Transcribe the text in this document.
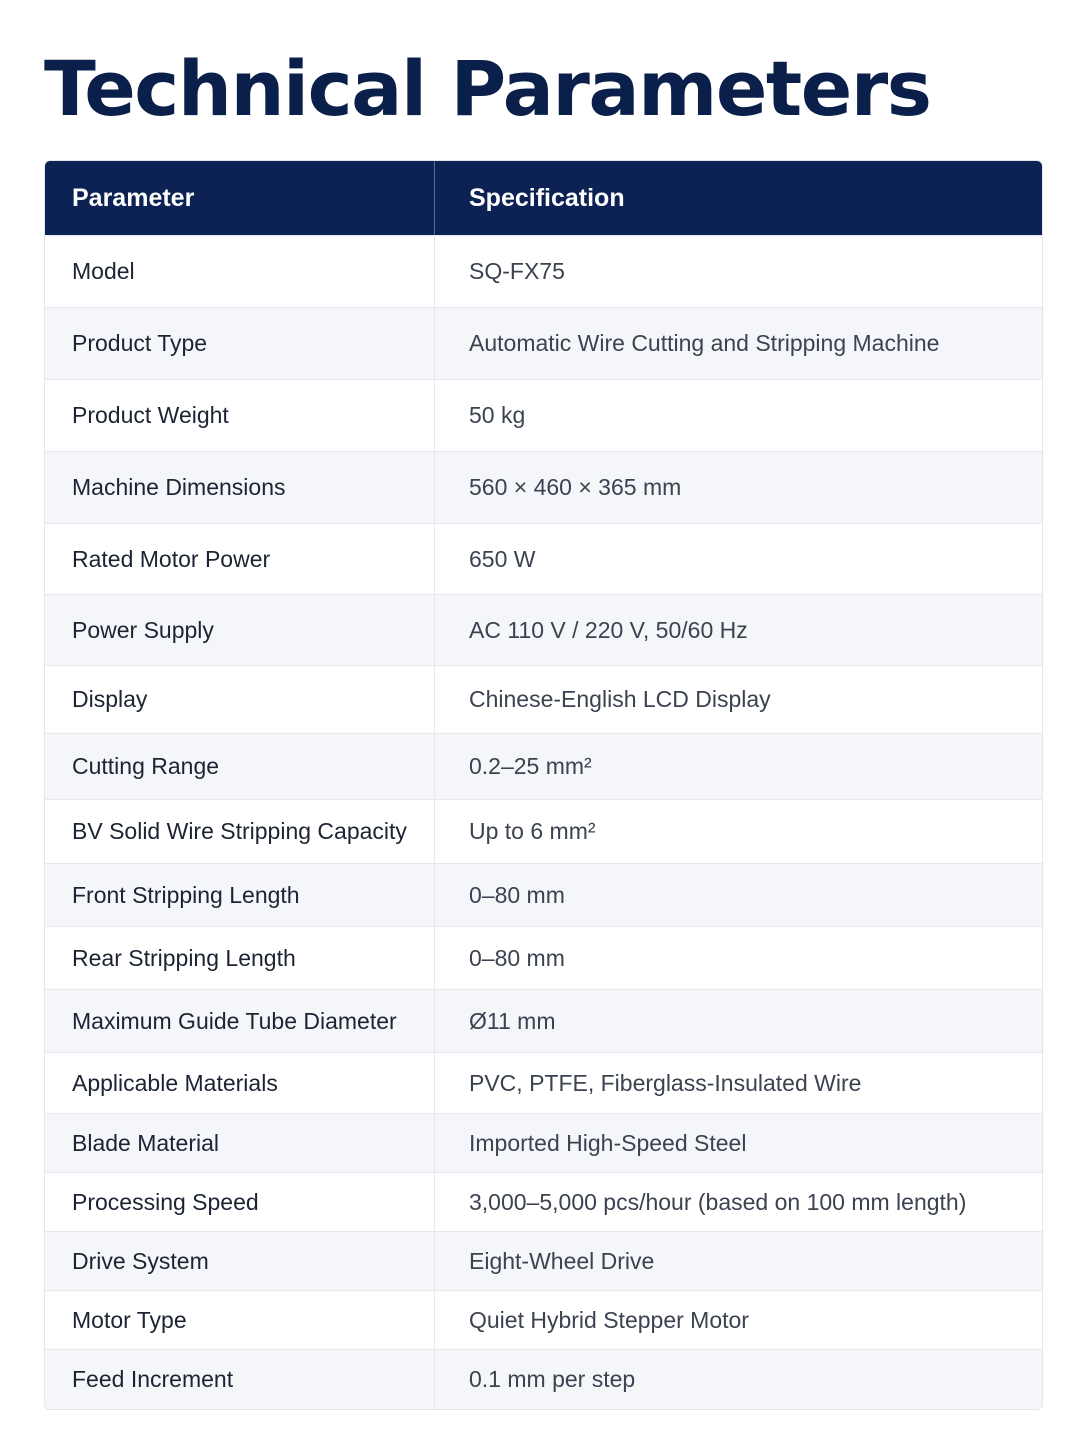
Technical Parameters
Parameter	Specification
Model	SQ-FX75
Product Type	Automatic Wire Cutting and Stripping Machine
Product Weight	50 kg
Machine Dimensions	560 × 460 × 365 mm
Rated Motor Power	650 W
Power Supply	AC 110 V / 220 V, 50/60 Hz
Display	Chinese-English LCD Display
Cutting Range	0.2–25 mm²
BV Solid Wire Stripping Capacity	Up to 6 mm²
Front Stripping Length	0–80 mm
Rear Stripping Length	0–80 mm
Maximum Guide Tube Diameter	Ø11 mm
Applicable Materials	PVC, PTFE, Fiberglass-Insulated Wire
Blade Material	Imported High-Speed Steel
Processing Speed	3,000–5,000 pcs/hour (based on 100 mm length)
Drive System	Eight-Wheel Drive
Motor Type	Quiet Hybrid Stepper Motor
Feed Increment	0.1 mm per step
